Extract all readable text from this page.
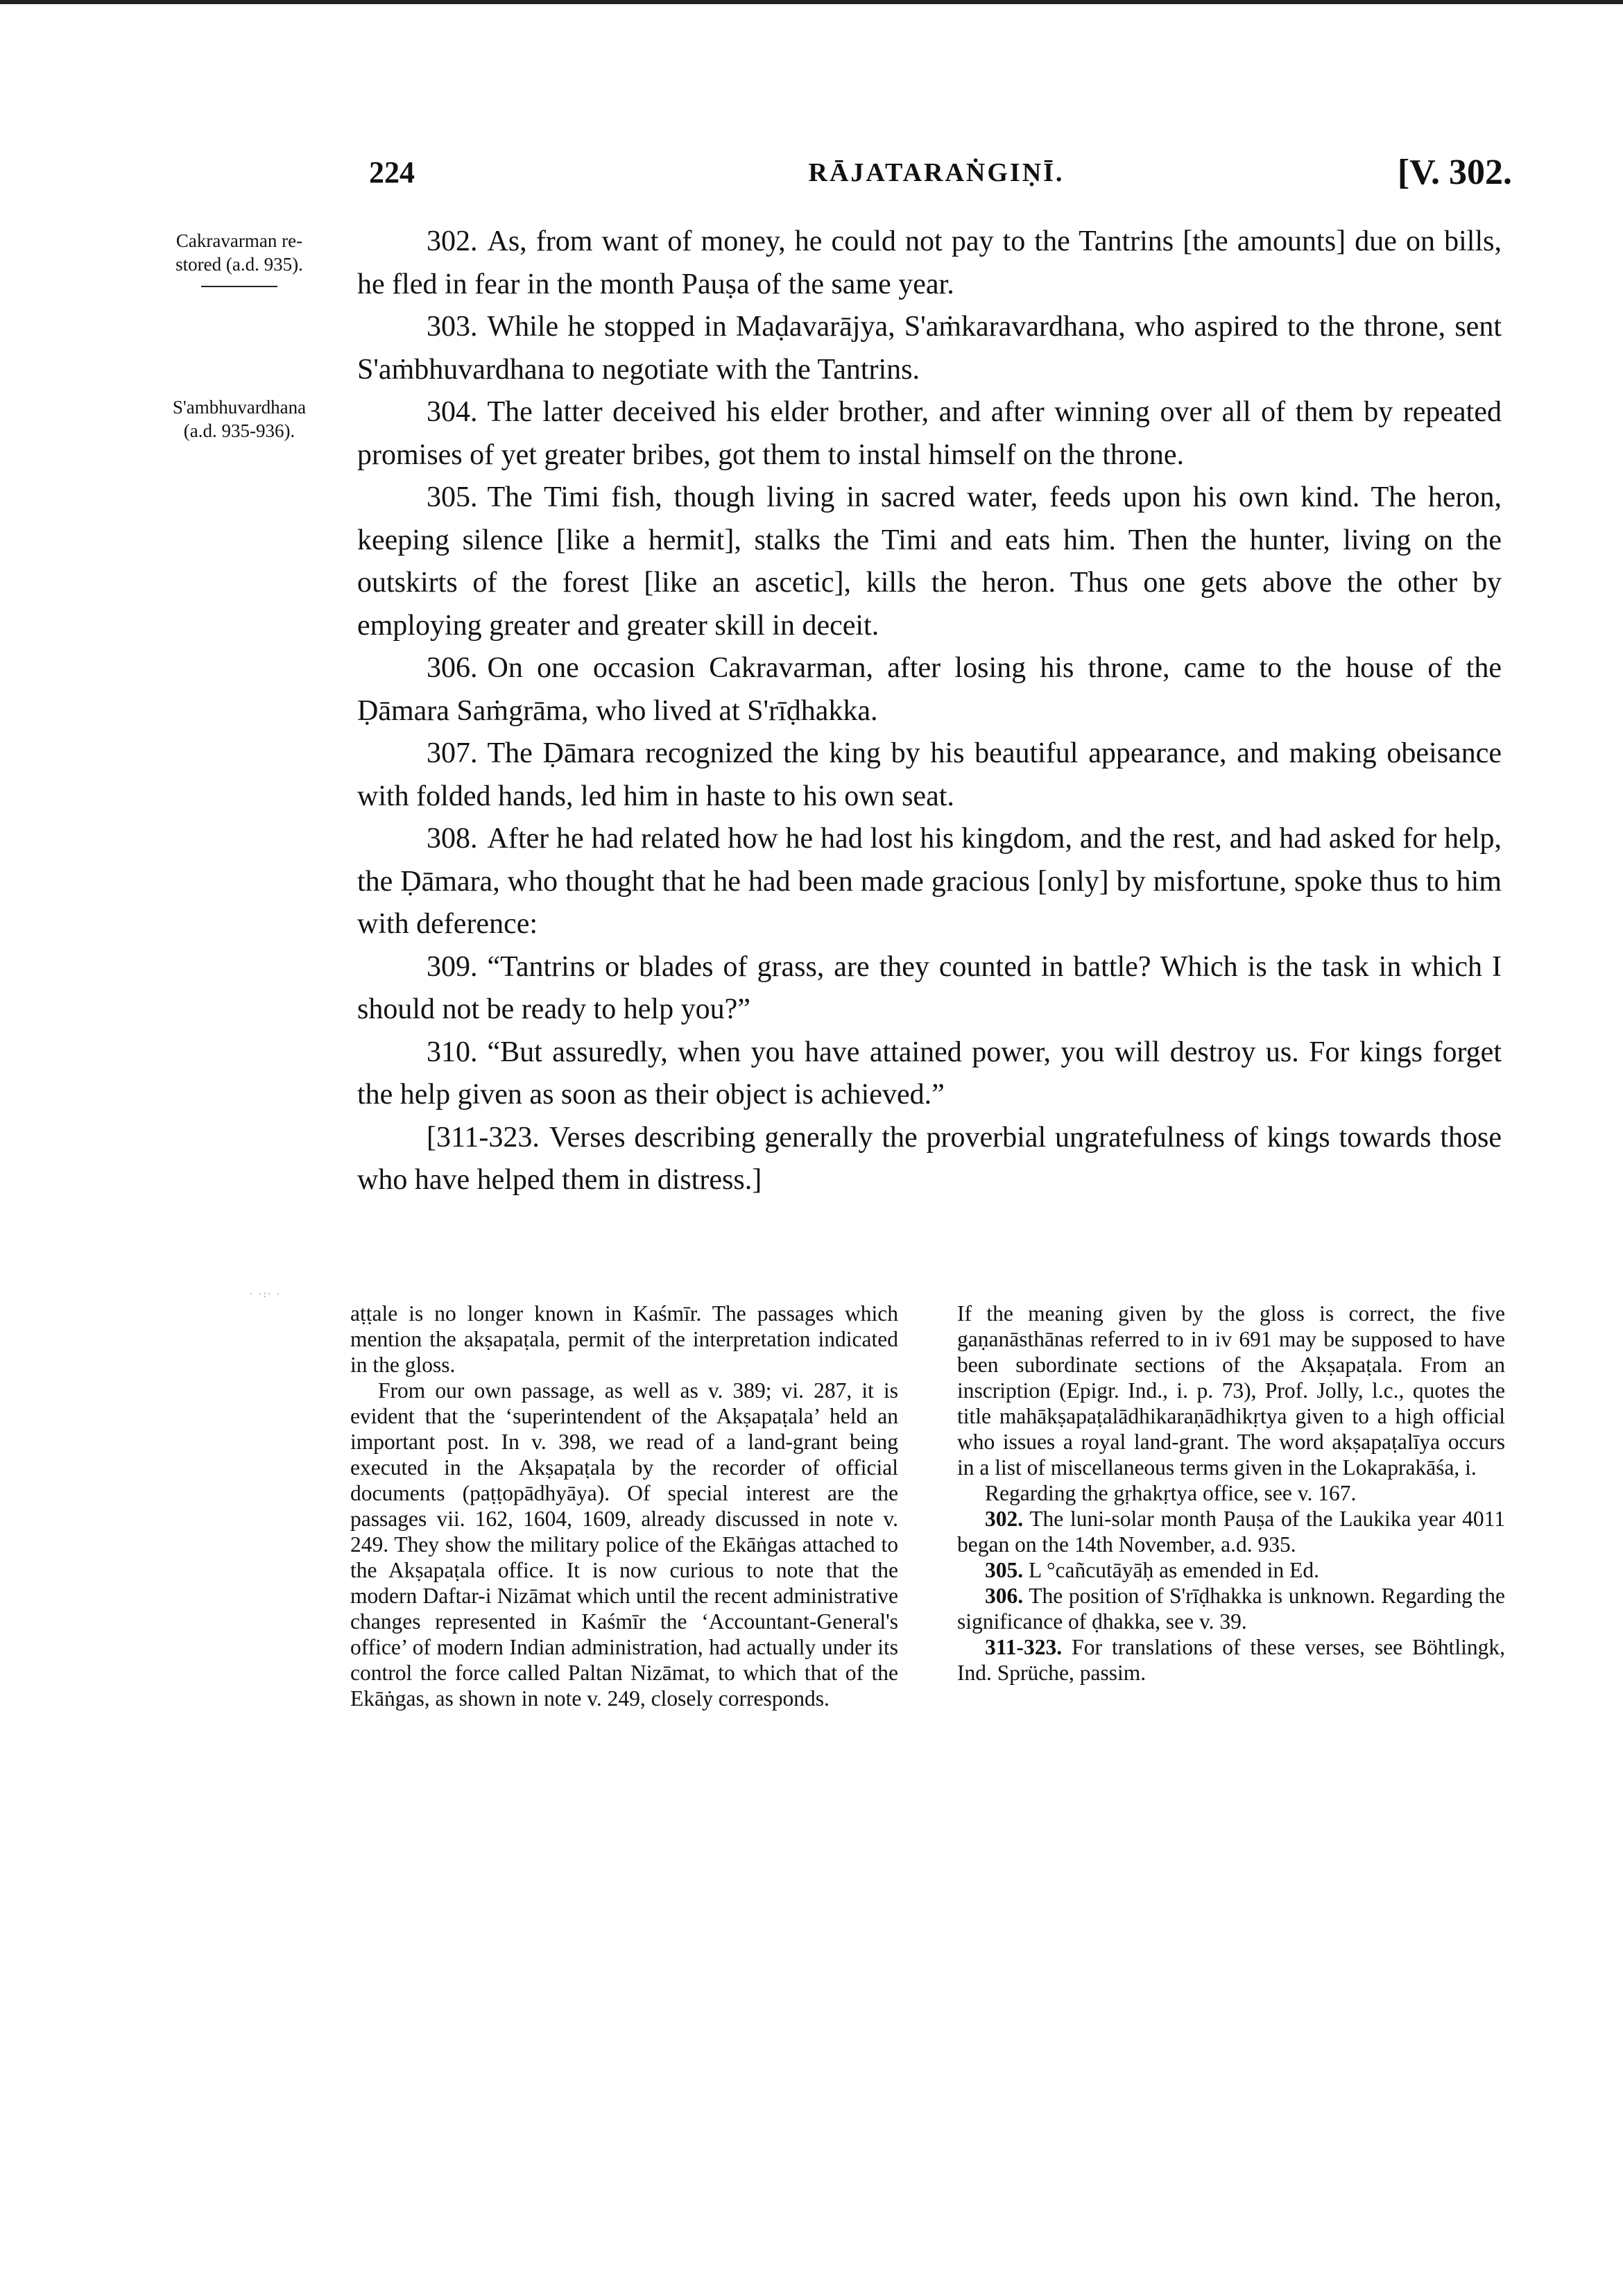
224	RĀJATARAṄGIṆĪ.	[V. 302.
Cakravarman re-
stored (a.d. 935).
S'ambhuvardhana
(a.d. 935-936).

302. As, from want of money, he could not pay to the Tantrins [the amounts] due on bills, he fled in fear in the month Pauṣa of the same year.

303. While he stopped in Maḍavarājya, S'aṁkaravardhana, who aspired to the throne, sent S'aṁbhuvardhana to negotiate with the Tantrins.

304. The latter deceived his elder brother, and after winning over all of them by repeated promises of yet greater bribes, got them to instal himself on the throne.

305. The Timi fish, though living in sacred water, feeds upon his own kind. The heron, keeping silence [like a hermit], stalks the Timi and eats him. Then the hunter, living on the outskirts of the forest [like an ascetic], kills the heron. Thus one gets above the other by employing greater and greater skill in deceit.

306. On one occasion Cakravarman, after losing his throne, came to the house of the Ḍāmara Saṁgrāma, who lived at S'rīḍhakka.

307. The Ḍāmara recognized the king by his beautiful appearance, and making obeisance with folded hands, led him in haste to his own seat.

308. After he had related how he had lost his kingdom, and the rest, and had asked for help, the Ḍāmara, who thought that he had been made gracious [only] by misfortune, spoke thus to him with deference:

309. “Tantrins or blades of grass, are they counted in battle? Which is the task in which I should not be ready to help you?”

310. “But assuredly, when you have attained power, you will destroy us. For kings forget the help given as soon as their object is achieved.”

[311-323. Verses describing generally the proverbial ungratefulness of kings towards those who have helped them in distress.]

· ·:· ·

aṭṭale is no longer known in Kaśmīr. The passages which mention the akṣapaṭala, permit of the interpretation indicated in the gloss.

From our own passage, as well as v. 389; vi. 287, it is evident that the ‘superintendent of the Akṣapaṭala’ held an important post. In v. 398, we read of a land-grant being executed in the Akṣapaṭala by the recorder of official documents (paṭṭopādhyāya). Of special interest are the passages vii. 162, 1604, 1609, already discussed in note v. 249. They show the military police of the Ekāṅgas attached to the Akṣapaṭala office. It is now curious to note that the modern Daftar-i Nizāmat which until the recent administrative changes represented in Kaśmīr the ‘Accountant-General's office’ of modern Indian administration, had actually under its control the force called Paltan Nizāmat, to which that of the Ekāṅgas, as shown in note v. 249, closely corresponds.

If the meaning given by the gloss is correct, the five gaṇanāsthānas referred to in iv 691 may be supposed to have been subordinate sections of the Akṣapaṭala. From an inscription (Epigr. Ind., i. p. 73), Prof. Jolly, l.c., quotes the title mahākṣapaṭalādhikaraṇādhikṛtya given to a high official who issues a royal land-grant. The word akṣapaṭalīya occurs in a list of miscellaneous terms given in the Lokaprakāśa, i.

Regarding the gṛhakṛtya office, see v. 167.

302. The luni-solar month Pauṣa of the Laukika year 4011 began on the 14th November, a.d. 935.

305. L °cañcutāyāḥ as emended in Ed.

306. The position of S'rīḍhakka is unknown. Regarding the significance of ḍhakka, see v. 39.

311-323. For translations of these verses, see Böhtlingk, Ind. Sprüche, passim.
